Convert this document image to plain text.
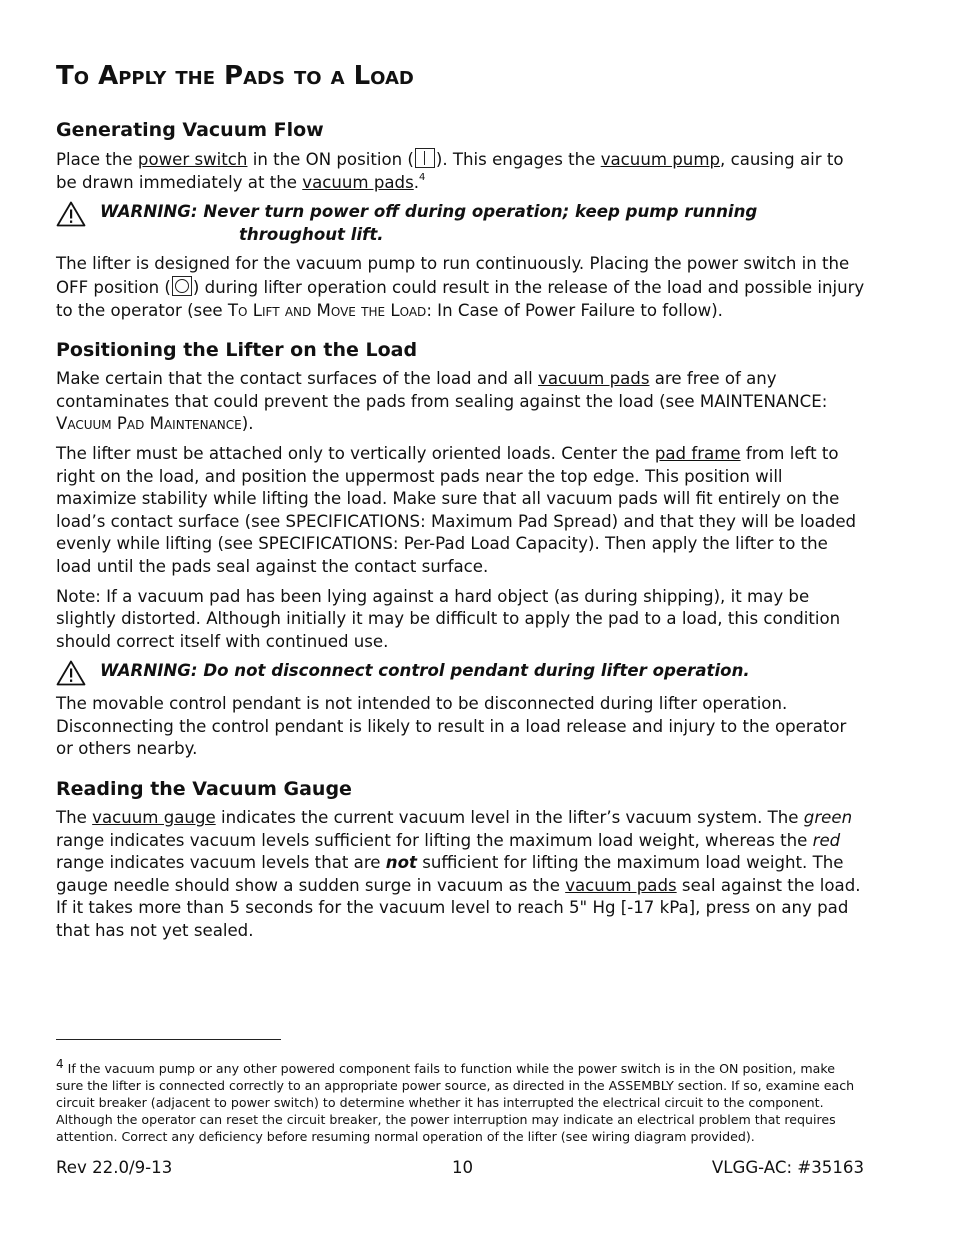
To Apply the Pads to a Load
Generating Vacuum Flow

Place the power switch in the ON position ( ). This engages the vacuum pump, causing air to be drawn immediately at the vacuum pads.$^4$

WARNING: Never turn power off during operation; keep pump running
throughout lift.

The lifter is designed for the vacuum pump to run continuously. Placing the power switch in the OFF position ( ) during lifter operation could result in the release of the load and possible injury to the operator (see To Lift and Move the Load: In Case of Power Failure to follow).

Positioning the Lifter on the Load

Make certain that the contact surfaces of the load and all vacuum pads are free of any contaminates that could prevent the pads from sealing against the load (see MAINTENANCE: Vacuum Pad Maintenance).

The lifter must be attached only to vertically oriented loads. Center the pad frame from left to right on the load, and position the uppermost pads near the top edge. This position will maximize stability while lifting the load. Make sure that all vacuum pads will fit entirely on the load’s contact surface (see SPECIFICATIONS: Maximum Pad Spread) and that they will be loaded evenly while lifting (see SPECIFICATIONS: Per-Pad Load Capacity). Then apply the lifter to the load until the pads seal against the contact surface.

Note: If a vacuum pad has been lying against a hard object (as during shipping), it may be slightly distorted. Although initially it may be difficult to apply the pad to a load, this condition should correct itself with continued use.

WARNING: Do not disconnect control pendant during lifter operation.

The movable control pendant is not intended to be disconnected during lifter operation. Disconnecting the control pendant is likely to result in a load release and injury to the operator or others nearby.

Reading the Vacuum Gauge

The vacuum gauge indicates the current vacuum level in the lifter’s vacuum system. The green range indicates vacuum levels sufficient for lifting the maximum load weight, whereas the red range indicates vacuum levels that are not sufficient for lifting the maximum load weight. The gauge needle should show a sudden surge in vacuum as the vacuum pads seal against the load. If it takes more than 5 seconds for the vacuum level to reach 5" Hg [-17 kPa], press on any pad that has not yet sealed.

4 If the vacuum pump or any other powered component fails to function while the power switch is in the ON position, make sure the lifter is connected correctly to an appropriate power source, as directed in the ASSEMBLY section. If so, examine each circuit breaker (adjacent to power switch) to determine whether it has interrupted the electrical circuit to the component. Although the operator can reset the circuit breaker, the power interruption may indicate an electrical problem that requires attention. Correct any deficiency before resuming normal operation of the lifter (see wiring diagram provided).
Rev 22.0/9-13	10	VLGG-AC: #35163
